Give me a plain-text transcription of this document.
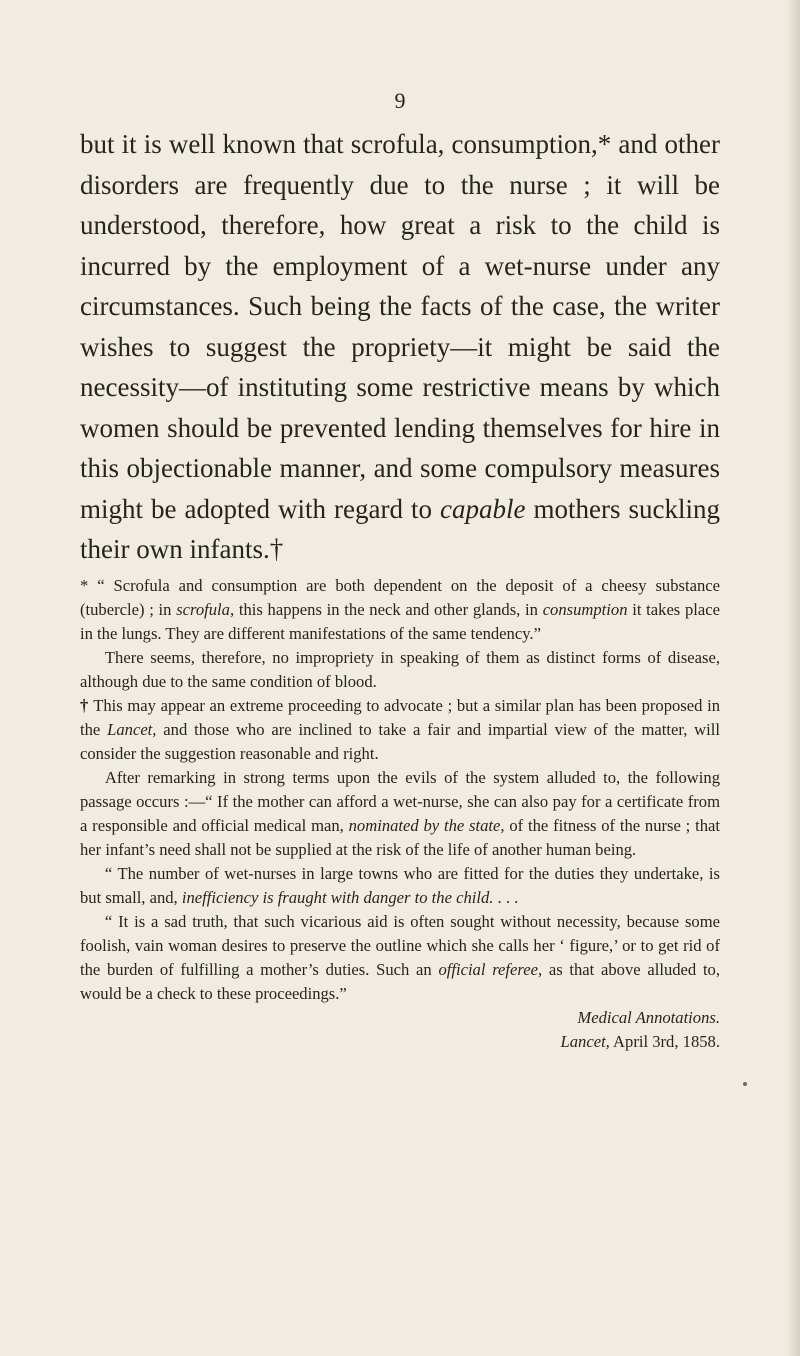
9

but it is well known that scrofula, consumption,* and other disorders are frequently due to the nurse ; it will be understood, therefore, how great a risk to the child is incurred by the employment of a wet-nurse under any circumstances. Such being the facts of the case, the writer wishes to suggest the propriety—it might be said the necessity—of instituting some restrictive means by which women should be prevented lending themselves for hire in this objectionable manner, and some compulsory measures might be adopted with regard to capable mothers suckling their own infants.†

* “ Scrofula and consumption are both dependent on the deposit of a cheesy substance (tubercle) ; in scrofula, this happens in the neck and other glands, in consumption it takes place in the lungs. They are different manifestations of the same tendency.”

There seems, therefore, no impropriety in speaking of them as distinct forms of disease, although due to the same condition of blood.

† This may appear an extreme proceeding to advocate ; but a similar plan has been proposed in the Lancet, and those who are inclined to take a fair and impartial view of the matter, will consider the suggestion reasonable and right.

After remarking in strong terms upon the evils of the system alluded to, the following passage occurs :—“ If the mother can afford a wet-nurse, she can also pay for a certificate from a responsible and official medical man, nominated by the state, of the fitness of the nurse ; that her infant’s need shall not be supplied at the risk of the life of another human being.

“ The number of wet-nurses in large towns who are fitted for the duties they undertake, is but small, and, inefficiency is fraught with danger to the child. . . .

“ It is a sad truth, that such vicarious aid is often sought without necessity, because some foolish, vain woman desires to preserve the outline which she calls her ‘ figure,’ or to get rid of the burden of fulfilling a mother’s duties. Such an official referee, as that above alluded to, would be a check to these proceedings.”

Medical Annotations.
Lancet, April 3rd, 1858.
